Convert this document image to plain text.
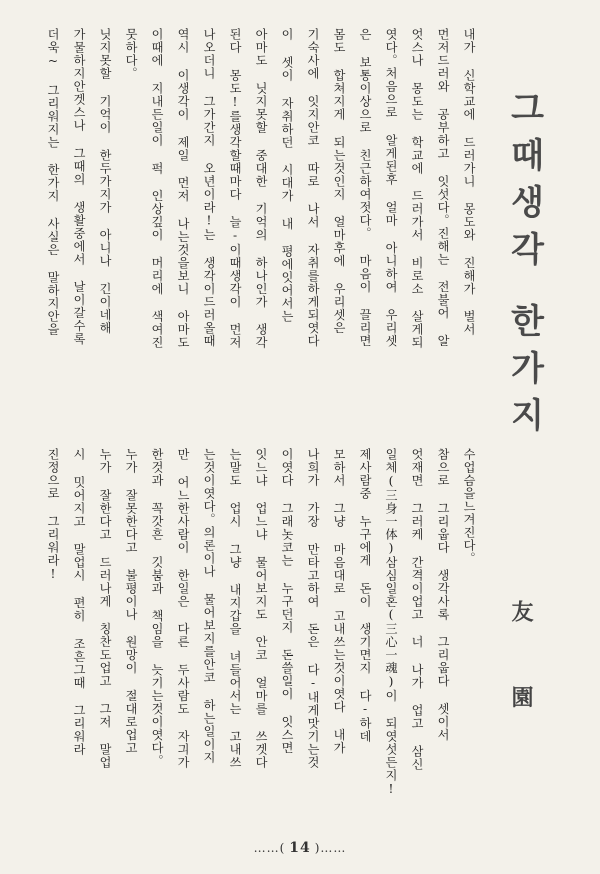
그때생각 한가지
友 園
내가 신학교에 드러가니 몽도와 진해가 벌서
먼저드러와 공부하고 잇섯다。진해는 전불어 알
엇스나 몽도는 학교에 드러가서 비로소 살게되
엿다。처음으로 알게된후 얼마 아니하여 우리셋
은 보통이상으로 친근하여젓다。 마음이 끌리면
몸도 합쳐지게 되는것인지 얼마후에 우리셋은
기숙사에 잇지안코 따로 나서 자취를하게되엿다
이 셋이 자취하던 시대가 내 평에잇어서는
아마도 닛지못할 중대한 기억의 하나인가 생각
된다 몽도!를생각할때마다 늘-이때생각이 먼저
나오더니 그가간지 오년이라!는 생각이드러올때
역시 이생각이 제일 먼저 나는것을보니 아마도
이때에 지내든일이 퍽 인상깊이 머리에 색여진
뭇하다。
닛지못할 기억이 한두가지가 아니나 긴이네해
가물하지안겟스나 그때의 생활중에서 날이갈수록
더욱~ 그리워지는 한가지 사실은 말하지안을
수업슴을느겨진다。
참으로 그리웁다 생각사록 그리웁다 셋이서
엇재면 그러케 간격이업고 너 나가 업고 삼신
일체(三身一体)삼심일혼(三心一魂)이 되엿섯든지!
제사람중 누구에게 돈이 생기면지 다-하데
모하서 그냥 마음대로 고내쓰는것이엿다 내가
나희가 가장 만타고하여 돈은 다-내게맛기는것
이엿다 그래놋코는 누구던지 돈쓸일이 잇스면
잇느냐 업느냐 물어보지도 안코 얼마를 쓰겟다
는말도 업시 그냥 내지갑을 녀들어서는 고내쓰
는것이엿다。의론이나 물어보지를안코 하는일이지
만 어느한사람이 한일은 다른 두사람도 자긔가
한것과 꼭갓흔 깃붐과 책임을 늣기는것이엿다。
누가 잘못한다고 불평이나 원망이 절대로업고
누가 잘한다고 드러나게 칭찬도업고 그저 말업
시 밋어지고 말업시 편히 조흔그때 그리워라
진정으로 그리워라!
……( 14 )……
